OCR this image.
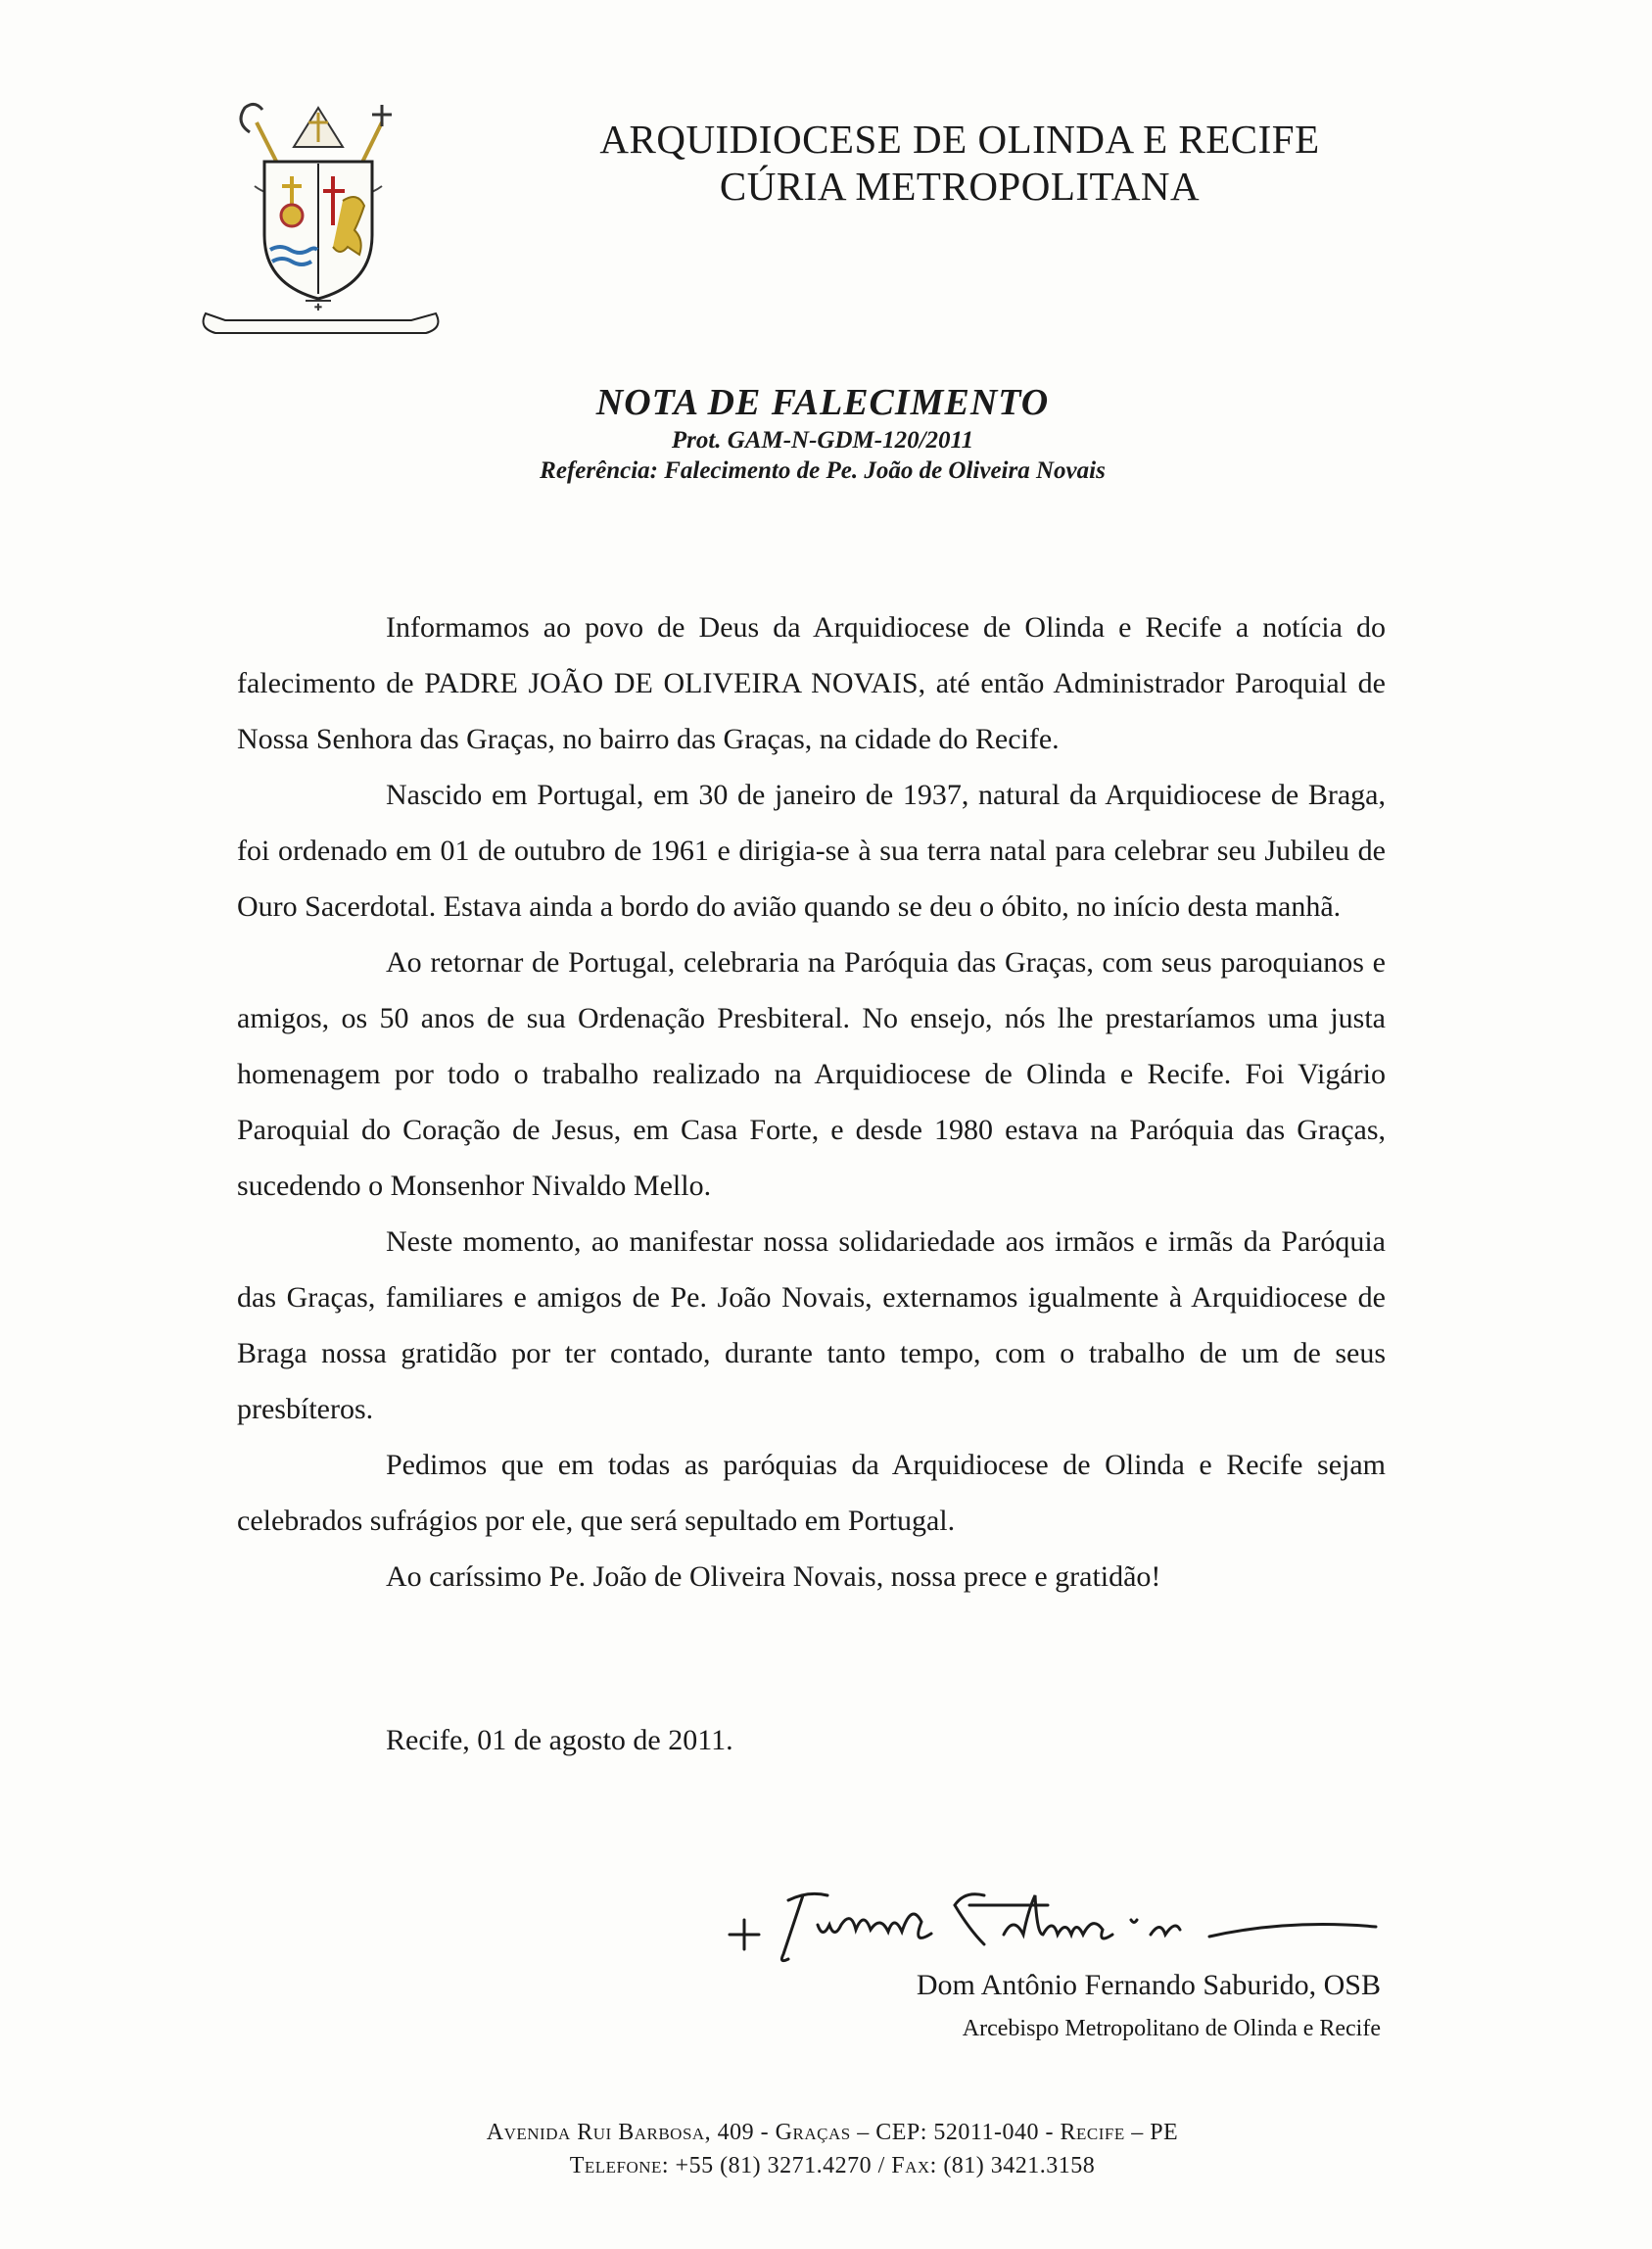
✚
ARQUIDIOCESE DE OLINDA E RECIFE
CÚRIA METROPOLITANA
NOTA DE FALECIMENTO
Prot. GAM-N-GDM-120/2011
Referência: Falecimento de Pe. João de Oliveira Novais

Informamos ao povo de Deus da Arquidiocese de Olinda e Recife a notícia do falecimento de PADRE JOÃO DE OLIVEIRA NOVAIS, até então Administrador Paroquial de Nossa Senhora das Graças, no bairro das Graças, na cidade do Recife.

Nascido em Portugal, em 30 de janeiro de 1937, natural da Arquidiocese de Braga, foi ordenado em 01 de outubro de 1961 e dirigia-se à sua terra natal para celebrar seu Jubileu de Ouro Sacerdotal. Estava ainda a bordo do avião quando se deu o óbito, no início desta manhã.

Ao retornar de Portugal, celebraria na Paróquia das Graças, com seus paroquianos e amigos, os 50 anos de sua Ordenação Presbiteral. No ensejo, nós lhe prestaríamos uma justa homenagem por todo o trabalho realizado na Arquidiocese de Olinda e Recife. Foi Vigário Paroquial do Coração de Jesus, em Casa Forte, e desde 1980 estava na Paróquia das Graças, sucedendo o Monsenhor Nivaldo Mello.

Neste momento, ao manifestar nossa solidariedade aos irmãos e irmãs da Paróquia das Graças, familiares e amigos de Pe. João Novais, externamos igualmente à Arquidiocese de Braga nossa gratidão por ter contado, durante tanto tempo, com o trabalho de um de seus presbíteros.

Pedimos que em todas as paróquias da Arquidiocese de Olinda e Recife sejam celebrados sufrágios por ele, que será sepultado em Portugal.

Ao caríssimo Pe. João de Oliveira Novais, nossa prece e gratidão!

Recife, 01 de agosto de 2011.
Dom Antônio Fernando Saburido, OSB
Arcebispo Metropolitano de Olinda e Recife
Avenida Rui Barbosa, 409 - Graças – CEP: 52011-040 - Recife – PE
Telefone: +55 (81) 3271.4270 / Fax: (81) 3421.3158
